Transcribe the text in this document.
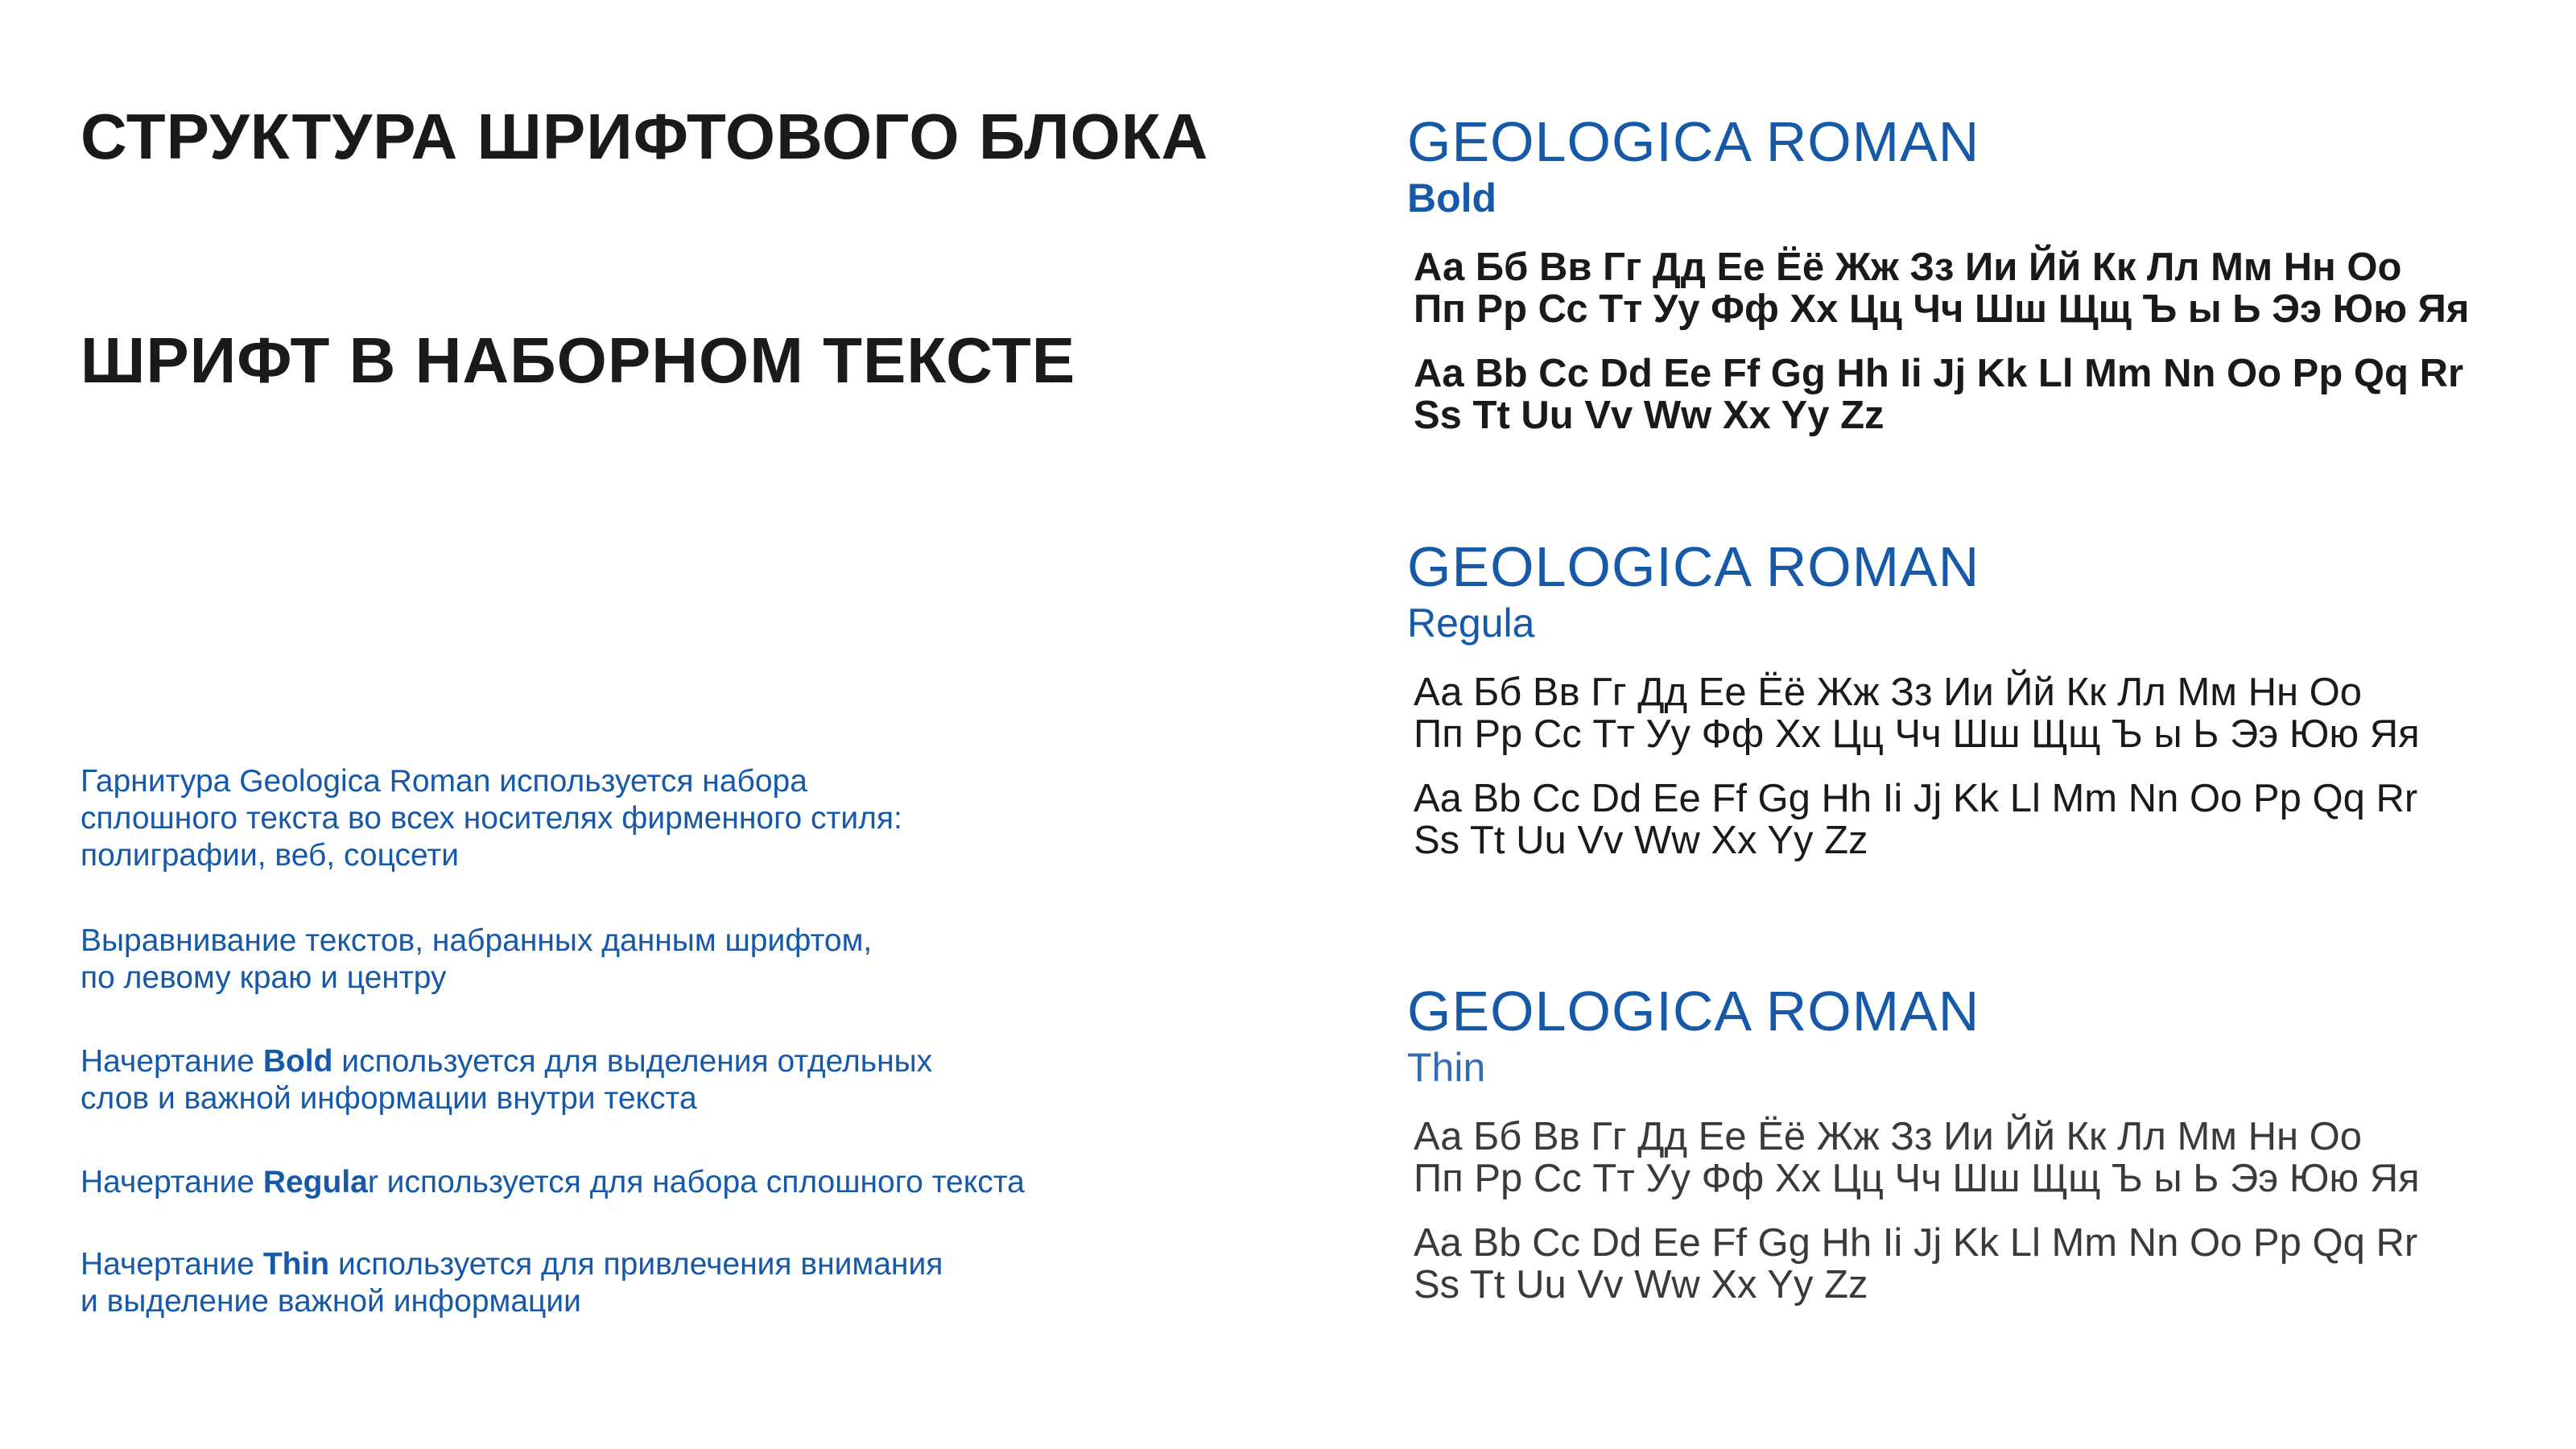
СТРУКТУРА ШРИФТОВОГО БЛОКА
ШРИФТ В НАБОРНОМ ТЕКСТЕ

Гарнитура Geologica Roman используется набора
сплошного текста во всех носителях фирменного стиля:
полиграфии, веб, соцсети

Выравнивание текстов, набранных данным шрифтом,
по левому краю и центру

Начертание Bold используется для выделения отдельных
слов и важной информации внутри текста

Начертание Regular используется для набора сплошного текста

Начертание Thin используется для привлечения внимания
и выделение важной информации

GEOLOGICA ROMAN

Bold

Аа Бб Вв Гг Дд Ее Ёё Жж Зз Ии Йй Кк Лл Мм Нн Оо
Пп Рр Сс Тт Уу Фф Хх Цц Чч Шш Щщ Ъ ы Ь Ээ Юю Яя

Aa Bb Cc Dd Ee Ff Gg Hh Ii Jj Kk Ll Mm Nn Oo Pp Qq Rr
Ss Tt Uu Vv Ww Xx Yy Zz

GEOLOGICA ROMAN

Regula

Аа Бб Вв Гг Дд Ее Ёё Жж Зз Ии Йй Кк Лл Мм Нн Оо
Пп Рр Сс Тт Уу Фф Хх Цц Чч Шш Щщ Ъ ы Ь Ээ Юю Яя

Aa Bb Cc Dd Ee Ff Gg Hh Ii Jj Kk Ll Mm Nn Oo Pp Qq Rr
Ss Tt Uu Vv Ww Xx Yy Zz

GEOLOGICA ROMAN

Thin

Аа Бб Вв Гг Дд Ее Ёё Жж Зз Ии Йй Кк Лл Мм Нн Оо
Пп Рр Сс Тт Уу Фф Хх Цц Чч Шш Щщ Ъ ы Ь Ээ Юю Яя

Aa Bb Cc Dd Ee Ff Gg Hh Ii Jj Kk Ll Mm Nn Oo Pp Qq Rr
Ss Tt Uu Vv Ww Xx Yy Zz
